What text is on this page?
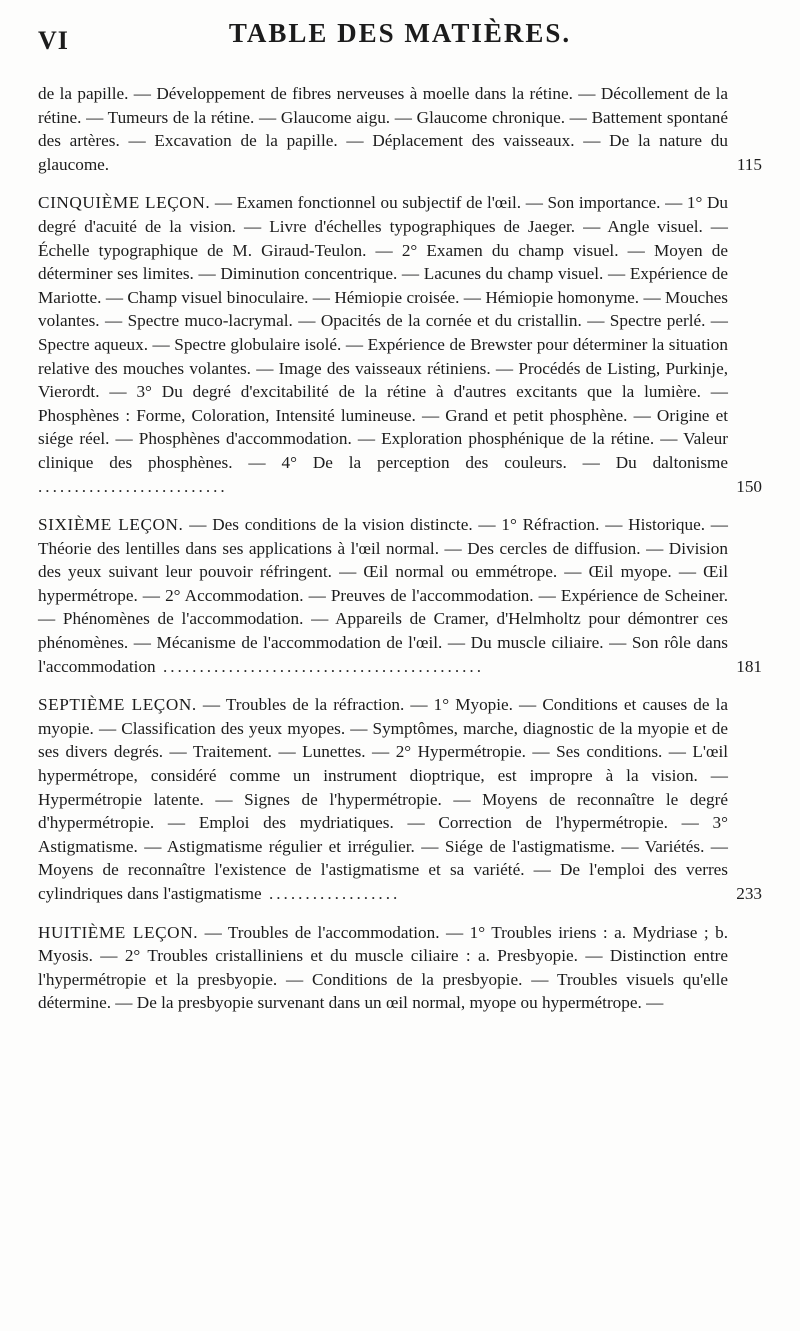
VI	TABLE DES MATIÈRES.
de la papille. — Développement de fibres nerveuses à moelle dans la rétine. — Décollement de la rétine. — Tumeurs de la rétine. — Glaucome aigu. — Glaucome chronique. — Battement spontané des artères. — Excavation de la papille. — Déplacement des vaisseaux. — De la nature du glaucome.	115
CINQUIÈME LEÇON. — Examen fonctionnel ou subjectif de l'œil. — Son importance. — 1° Du degré d'acuité de la vision. — Livre d'échelles typographiques de Jaeger. — Angle visuel. — Échelle typographique de M. Giraud-Teulon. — 2° Examen du champ visuel. — Moyen de déterminer ses limites. — Diminution concentrique. — Lacunes du champ visuel. — Expérience de Mariotte. — Champ visuel binoculaire. — Hémiopie croisée. — Hémiopie homonyme. — Mouches volantes. — Spectre muco-lacrymal. — Opacités de la cornée et du cristallin. — Spectre perlé. — Spectre aqueux. — Spectre globulaire isolé. — Expérience de Brewster pour déterminer la situation relative des mouches volantes. — Image des vaisseaux rétiniens. — Procédés de Listing, Purkinje, Vierordt. — 3° Du degré d'excitabilité de la rétine à d'autres excitants que la lumière. — Phosphènes : Forme, Coloration, Intensité lumineuse. — Grand et petit phosphène. — Origine et siége réel. — Phosphènes d'accommodation. — Exploration phosphénique de la rétine. — Valeur clinique des phosphènes. — 4° De la perception des couleurs. — Du daltonisme ..........................	150
SIXIÈME LEÇON. — Des conditions de la vision distincte. — 1° Réfraction. — Historique. — Théorie des lentilles dans ses applications à l'œil normal. — Des cercles de diffusion. — Division des yeux suivant leur pouvoir réfringent. — Œil normal ou emmétrope. — Œil myope. — Œil hypermétrope. — 2° Accommodation. — Preuves de l'accommodation. — Expérience de Scheiner. — Phénomènes de l'accommodation. — Appareils de Cramer, d'Helmholtz pour démontrer ces phénomènes. — Mécanisme de l'accommodation de l'œil. — Du muscle ciliaire. — Son rôle dans l'accommodation ............................................	181
SEPTIÈME LEÇON. — Troubles de la réfraction. — 1° Myopie. — Conditions et causes de la myopie. — Classification des yeux myopes. — Symptômes, marche, diagnostic de la myopie et de ses divers degrés. — Traitement. — Lunettes. — 2° Hypermétropie. — Ses conditions. — L'œil hypermétrope, considéré comme un instrument dioptrique, est impropre à la vision. — Hypermétropie latente. — Signes de l'hypermétropie. — Moyens de reconnaître le degré d'hypermétropie. — Emploi des mydriatiques. — Correction de l'hypermétropie. — 3° Astigmatisme. — Astigmatisme régulier et irrégulier. — Siége de l'astigmatisme. — Variétés. — Moyens de reconnaître l'existence de l'astigmatisme et sa variété. — De l'emploi des verres cylindriques dans l'astigmatisme ..................	233
HUITIÈME LEÇON. — Troubles de l'accommodation. — 1° Troubles iriens : a. Mydriase ; b. Myosis. — 2° Troubles cristalliniens et du muscle ciliaire : a. Presbyopie. — Distinction entre l'hypermétropie et la presbyopie. — Conditions de la presbyopie. — Troubles visuels qu'elle détermine. — De la presbyopie survenant dans un œil normal, myope ou hypermétrope. —
